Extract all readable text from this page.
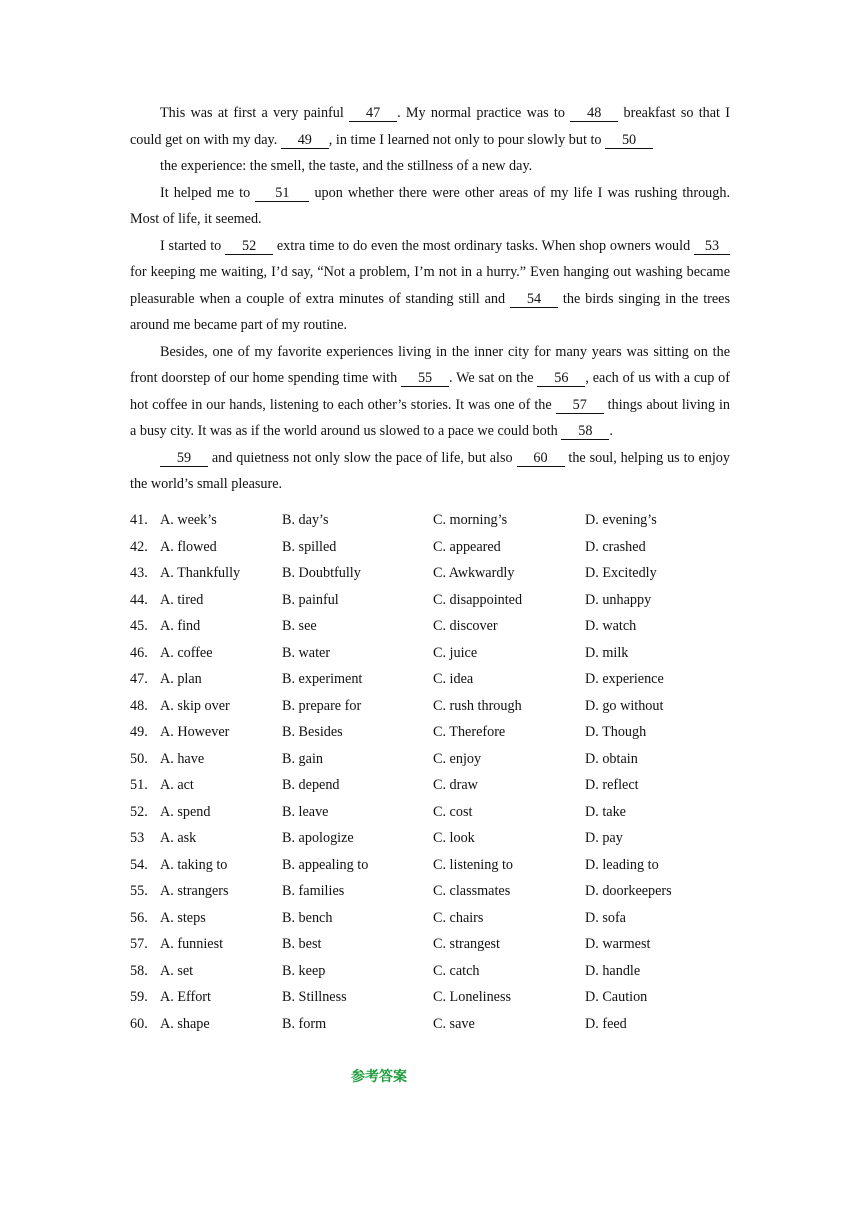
This was at first a very painful 47 . My normal practice was to 48 breakfast so that I could get on with my day. 49 , in time I learned not only to pour slowly but to 50

the experience: the smell, the taste, and the stillness of a new day.

It helped me to 51 upon whether there were other areas of my life I was rushing through. Most of life, it seemed.

I started to 52 extra time to do even the most ordinary tasks. When shop owners would 53 for keeping me waiting, I’d say, “Not a problem, I’m not in a hurry.” Even hanging out washing became pleasurable when a couple of extra minutes of standing still and 54 the birds singing in the trees around me became part of my routine.

Besides, one of my favorite experiences living in the inner city for many years was sitting on the front doorstep of our home spending time with 55 . We sat on the 56 , each of us with a cup of hot coffee in our hands, listening to each other’s stories. It was one of the 57 things about living in a busy city. It was as if the world around us slowed to a pace we could both 58 .

59 and quietness not only slow the pace of life, but also 60 the soul, helping us to enjoy the world’s small pleasure.

41. A. week’s	B. day’s	C. morning’s	D. evening’s
42. A. flowed	B. spilled	C. appeared	D. crashed
43. A. Thankfully	B. Doubtfully	C. Awkwardly	D. Excitedly
44. A. tired	B. painful	C. disappointed	D. unhappy
45. A. find	B. see	C. discover	D. watch
46. A. coffee	B. water	C. juice	D. milk
47. A. plan	B. experiment	C. idea	D. experience
48. A. skip over	B. prepare for	C. rush through	D. go without
49. A. However	B. Besides	C. Therefore	D. Though
50. A. have	B. gain	C. enjoy	D. obtain
51. A. act	B. depend	C. draw	D. reflect
52. A. spend	B. leave	C. cost	D. take
53 A. ask	B. apologize	C. look	D. pay
54. A. taking to	B. appealing to	C. listening to	D. leading to
55. A. strangers	B. families	C. classmates	D. doorkeepers
56. A. steps	B. bench	C. chairs	D. sofa
57. A. funniest	B. best	C. strangest	D. warmest
58. A. set	B. keep	C. catch	D. handle
59. A. Effort	B. Stillness	C. Loneliness	D. Caution
60. A. shape	B. form	C. save	D. feed
参考答案
